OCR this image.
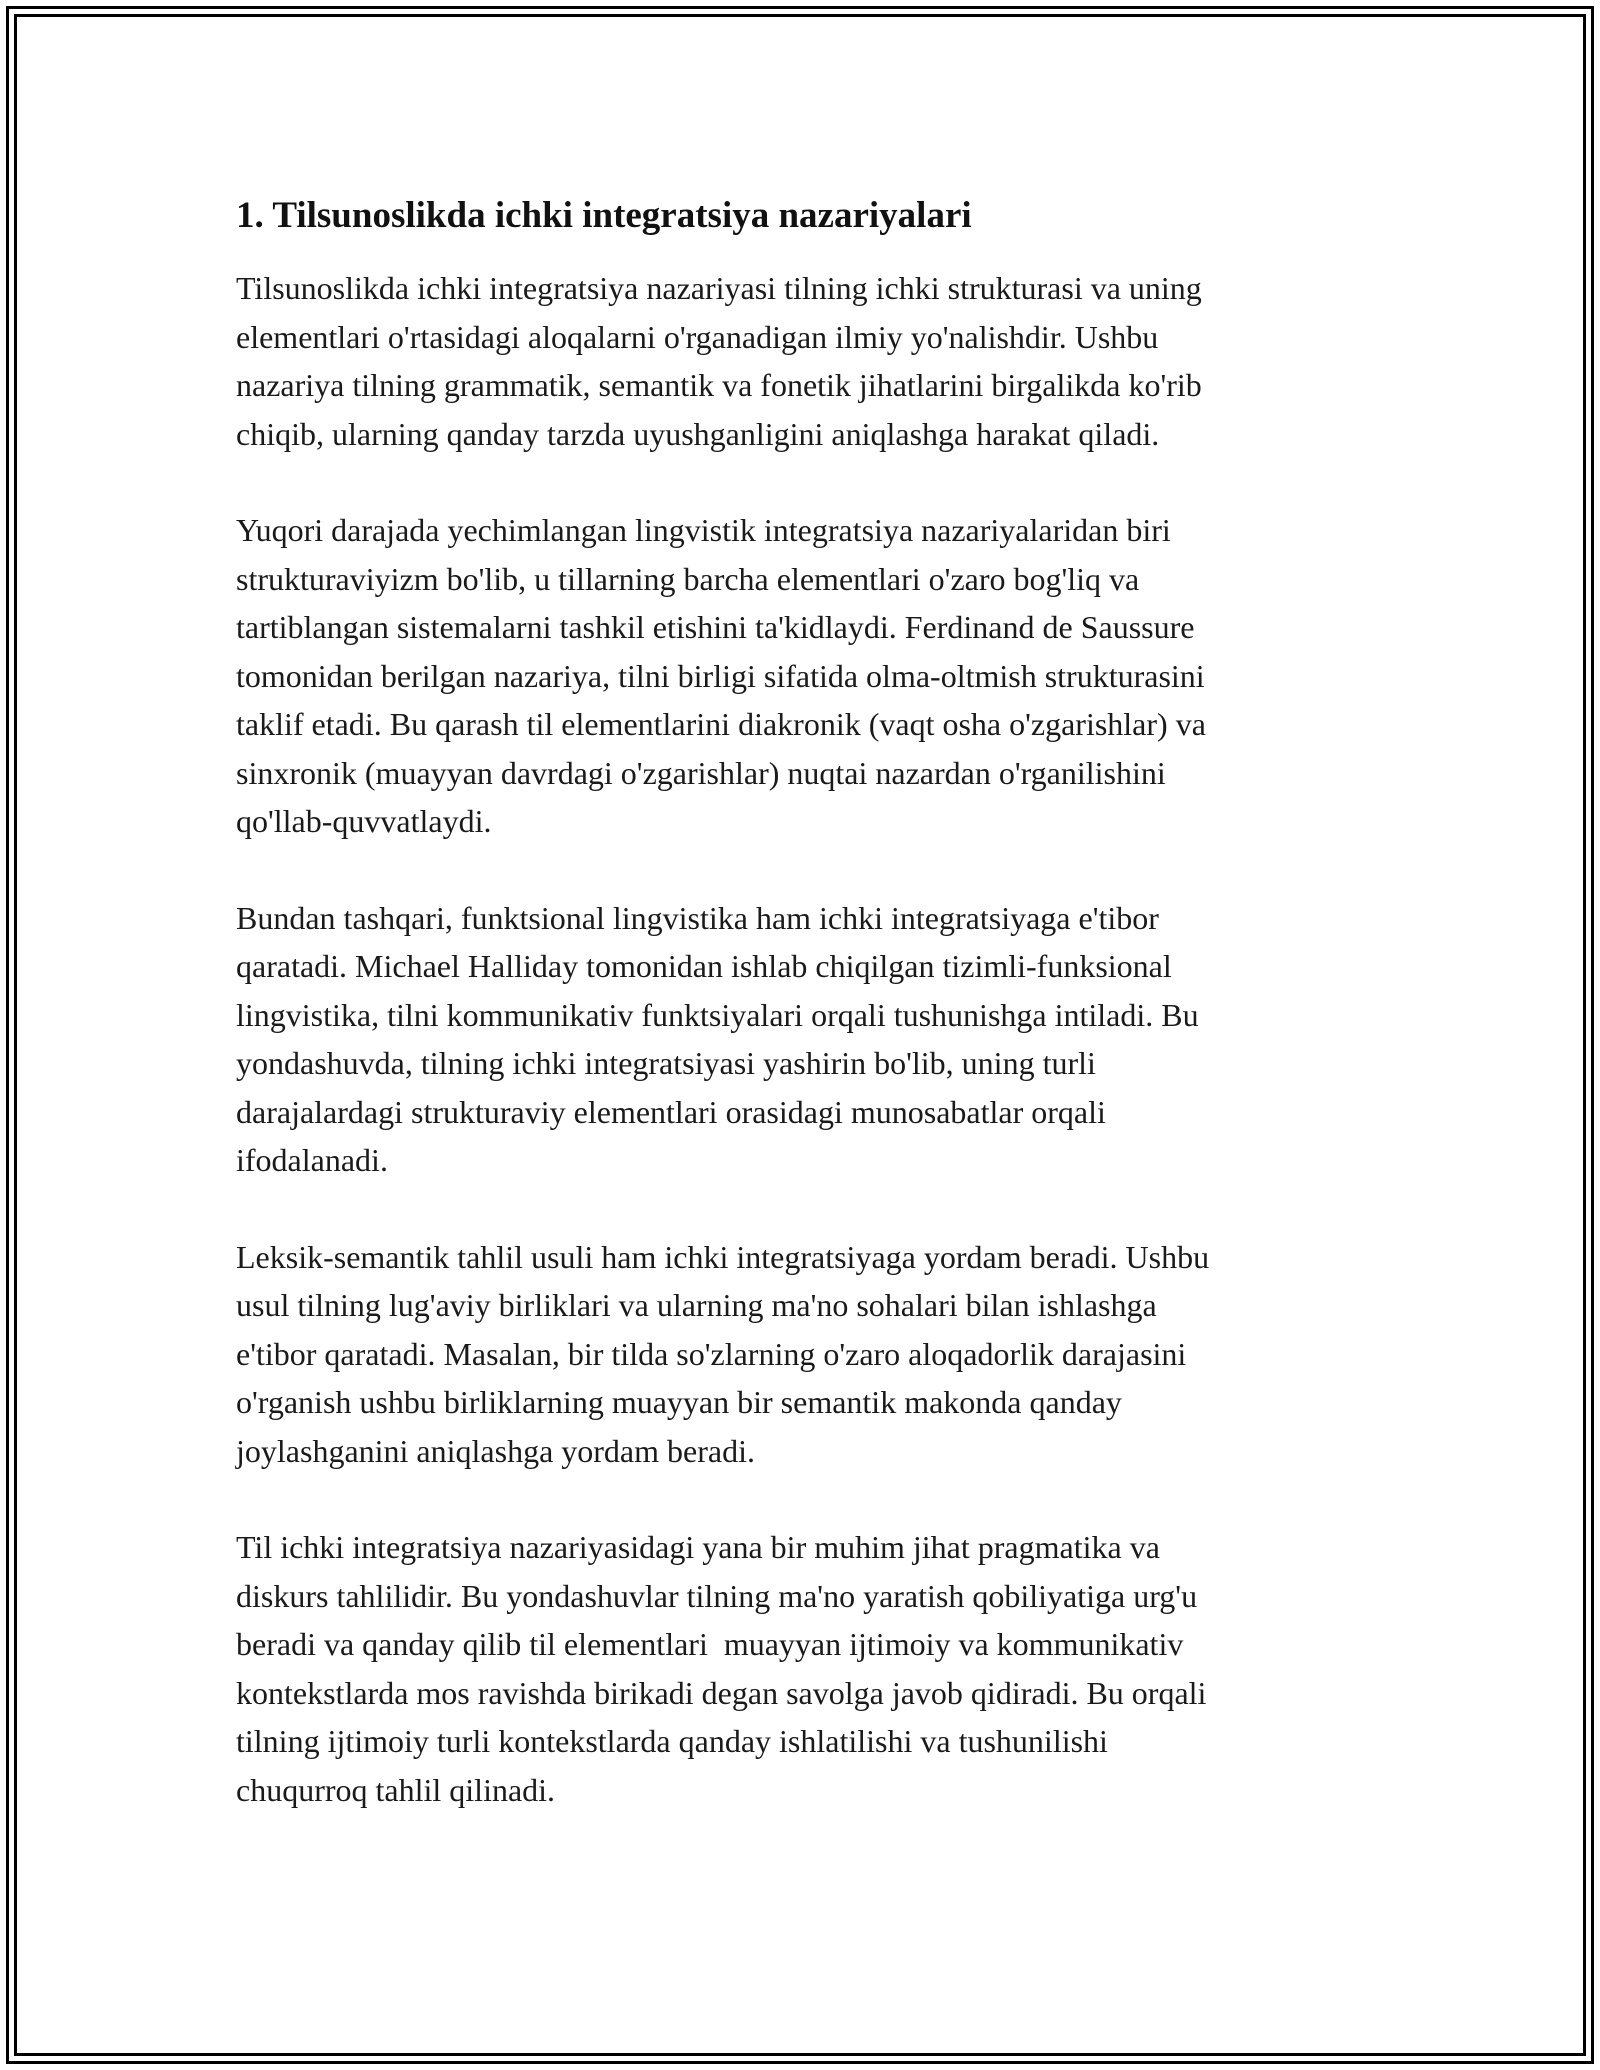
1. Tilsunoslikda ichki integratsiya nazariyalari

Tilsunoslikda ichki integratsiya nazariyasi tilning ichki strukturasi va uning
elementlari o'rtasidagi aloqalarni o'rganadigan ilmiy yo'nalishdir. Ushbu
nazariya tilning grammatik, semantik va fonetik jihatlarini birgalikda ko'rib
chiqib, ularning qanday tarzda uyushganligini aniqlashga harakat qiladi.

Yuqori darajada yechimlangan lingvistik integratsiya nazariyalaridan biri
strukturaviyizm bo'lib, u tillarning barcha elementlari o'zaro bog'liq va
tartiblangan sistemalarni tashkil etishini ta'kidlaydi. Ferdinand de Saussure
tomonidan berilgan nazariya, tilni birligi sifatida olma-oltmish strukturasini
taklif etadi. Bu qarash til elementlarini diakronik (vaqt osha o'zgarishlar) va
sinxronik (muayyan davrdagi o'zgarishlar) nuqtai nazardan o'rganilishini
qo'llab-quvvatlaydi.

Bundan tashqari, funktsional lingvistika ham ichki integratsiyaga e'tibor
qaratadi. Michael Halliday tomonidan ishlab chiqilgan tizimli-funksional
lingvistika, tilni kommunikativ funktsiyalari orqali tushunishga intiladi. Bu
yondashuvda, tilning ichki integratsiyasi yashirin bo'lib, uning turli
darajalardagi strukturaviy elementlari orasidagi munosabatlar orqali
ifodalanadi.

Leksik-semantik tahlil usuli ham ichki integratsiyaga yordam beradi. Ushbu
usul tilning lug'aviy birliklari va ularning ma'no sohalari bilan ishlashga
e'tibor qaratadi. Masalan, bir tilda so'zlarning o'zaro aloqadorlik darajasini
o'rganish ushbu birliklarning muayyan bir semantik makonda qanday
joylashganini aniqlashga yordam beradi.

Til ichki integratsiya nazariyasidagi yana bir muhim jihat pragmatika va
diskurs tahlilidir. Bu yondashuvlar tilning ma'no yaratish qobiliyatiga urg'u
beradi va qanday qilib til elementlari  muayyan ijtimoiy va kommunikativ
kontekstlarda mos ravishda birikadi degan savolga javob qidiradi. Bu orqali
tilning ijtimoiy turli kontekstlarda qanday ishlatilishi va tushunilishi
chuqurroq tahlil qilinadi.
